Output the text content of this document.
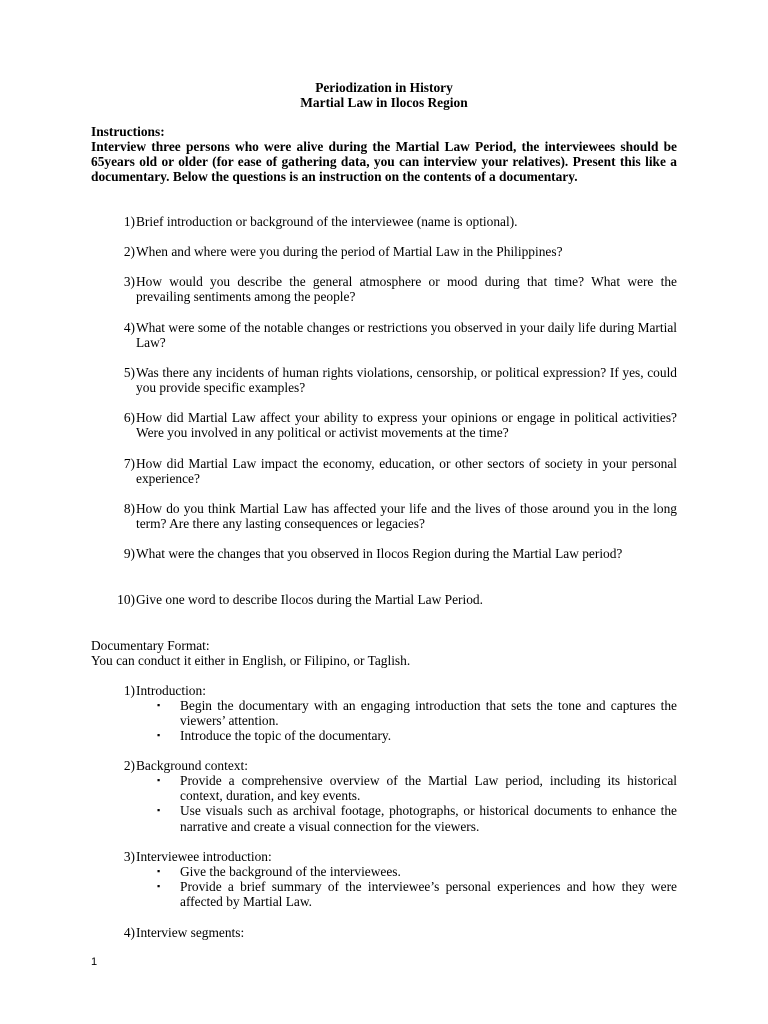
Periodization in History
Martial Law in Ilocos Region
Instructions:
Interview three persons who were alive during the Martial Law Period, the interviewees should be 65years old or older (for ease of gathering data, you can interview your relatives). Present this like a documentary. Below the questions is an instruction on the contents of a documentary.
1) Brief introduction or background of the interviewee (name is optional).
2) When and where were you during the period of Martial Law in the Philippines?
3) How would you describe the general atmosphere or mood during that time? What were the prevailing sentiments among the people?
4) What were some of the notable changes or restrictions you observed in your daily life during Martial Law?
5) Was there any incidents of human rights violations, censorship, or political expression? If yes, could you provide specific examples?
6) How did Martial Law affect your ability to express your opinions or engage in political activities? Were you involved in any political or activist movements at the time?
7) How did Martial Law impact the economy, education, or other sectors of society in your personal experience?
8) How do you think Martial Law has affected your life and the lives of those around you in the long term? Are there any lasting consequences or legacies?
9) What were the changes that you observed in Ilocos Region during the Martial Law period?
10) Give one word to describe Ilocos during the Martial Law Period.
Documentary Format:
You can conduct it either in English, or Filipino, or Taglish.
1) Introduction:
▪ Begin the documentary with an engaging introduction that sets the tone and captures the viewers’ attention.
▪ Introduce the topic of the documentary.
2) Background context:
▪ Provide a comprehensive overview of the Martial Law period, including its historical context, duration, and key events.
▪ Use visuals such as archival footage, photographs, or historical documents to enhance the narrative and create a visual connection for the viewers.
3) Interviewee introduction:
▪ Give the background of the interviewees.
▪ Provide a brief summary of the interviewee’s personal experiences and how they were affected by Martial Law.
4) Interview segments:
1
